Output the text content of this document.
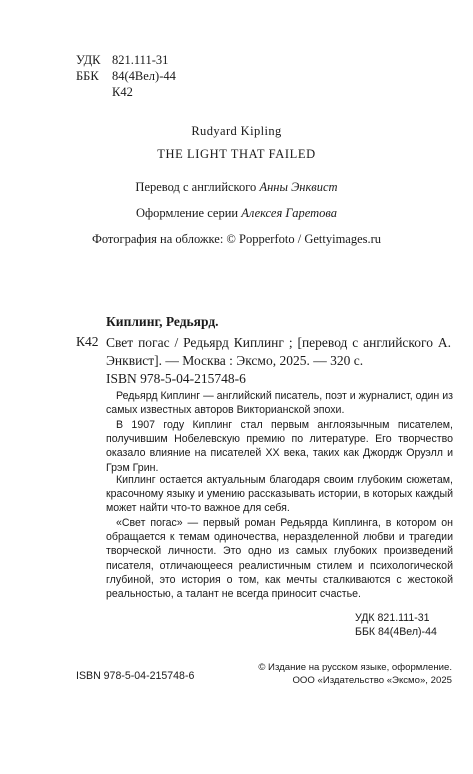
УДК 821.111-31
ББК 84(4Вел)-44
К42
Rudyard Kipling
THE LIGHT THAT FAILED
Перевод с английского Анны Энквист
Оформление серии Алексея Гаретова
Фотография на обложке: © Popperfoto / Gettyimages.ru
Киплинг, Редьярд.
К42 Свет погас / Редьярд Киплинг ; [перевод с английского А. Энквист]. — Москва : Эксмо, 2025. — 320 с.
ISBN 978-5-04-215748-6

Редьярд Киплинг — английский писатель, поэт и журналист, один из самых известных авторов Викторианской эпохи.

В 1907 году Киплинг стал первым англоязычным писателем, получившим Нобелевскую премию по литературе. Его творчество оказало влияние на писателей XX века, таких как Джордж Оруэлл и Грэм Грин.

Киплинг остается актуальным благодаря своим глубоким сюжетам, красочному языку и умению рассказывать истории, в которых каждый может найти что-то важное для себя.

«Свет погас» — первый роман Редьярда Киплинга, в котором он обращается к темам одиночества, неразделенной любви и трагедии творческой личности. Это одно из самых глубоких произведений писателя, отличающееся реалистичным стилем и психологической глубиной, это история о том, как мечты сталкиваются с жестокой реальностью, а талант не всегда приносит счастье.

УДК 821.111-31
ББК 84(4Вел)-44
ISBN 978-5-04-215748-6
© Издание на русском языке, оформление.
ООО «Издательство «Эксмо», 2025
